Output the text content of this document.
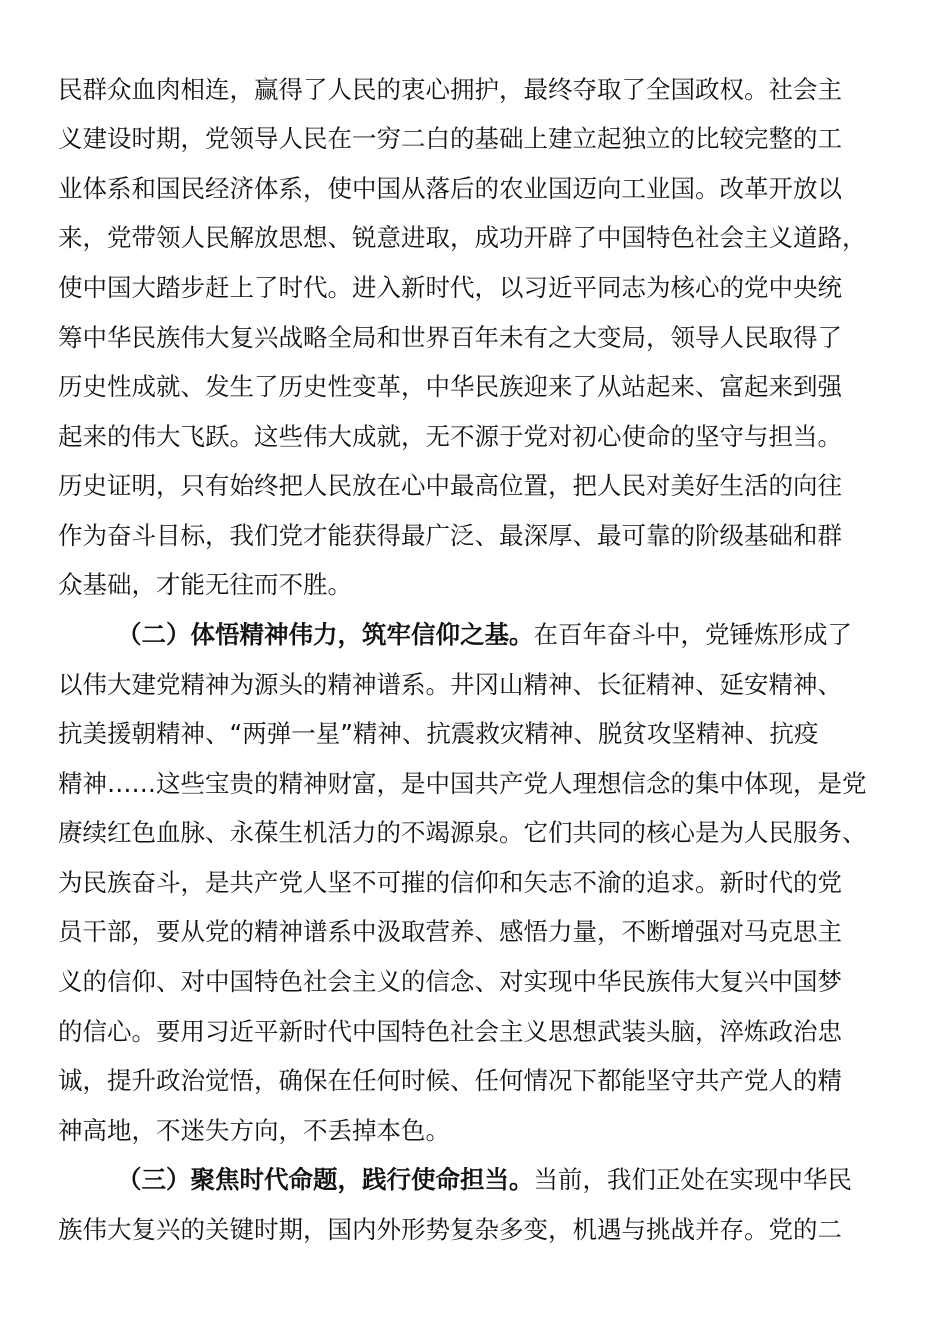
民群众血肉相连，赢得了人民的衷心拥护，最终夺取了全国政权。社会主
义建设时期，党领导人民在一穷二白的基础上建立起独立的比较完整的工
业体系和国民经济体系，使中国从落后的农业国迈向工业国。改革开放以
来，党带领人民解放思想、锐意进取，成功开辟了中国特色社会主义道路，
使中国大踏步赶上了时代。进入新时代，以习近平同志为核心的党中央统
筹中华民族伟大复兴战略全局和世界百年未有之大变局，领导人民取得了
历史性成就、发生了历史性变革，中华民族迎来了从站起来、富起来到强
起来的伟大飞跃。这些伟大成就，无不源于党对初心使命的坚守与担当。
历史证明，只有始终把人民放在心中最高位置，把人民对美好生活的向往
作为奋斗目标，我们党才能获得最广泛、最深厚、最可靠的阶级基础和群
众基础，才能无往而不胜。
（二）体悟精神伟力，筑牢信仰之基。在百年奋斗中，党锤炼形成了
以伟大建党精神为源头的精神谱系。井冈山精神、长征精神、延安精神、
抗美援朝精神、“两弹一星”精神、抗震救灾精神、脱贫攻坚精神、抗疫
精神……这些宝贵的精神财富，是中国共产党人理想信念的集中体现，是党
赓续红色血脉、永葆生机活力的不竭源泉。它们共同的核心是为人民服务、
为民族奋斗，是共产党人坚不可摧的信仰和矢志不渝的追求。新时代的党
员干部，要从党的精神谱系中汲取营养、感悟力量，不断增强对马克思主
义的信仰、对中国特色社会主义的信念、对实现中华民族伟大复兴中国梦
的信心。要用习近平新时代中国特色社会主义思想武装头脑，淬炼政治忠
诚，提升政治觉悟，确保在任何时候、任何情况下都能坚守共产党人的精
神高地，不迷失方向，不丢掉本色。
（三）聚焦时代命题，践行使命担当。当前，我们正处在实现中华民
族伟大复兴的关键时期，国内外形势复杂多变，机遇与挑战并存。党的二
